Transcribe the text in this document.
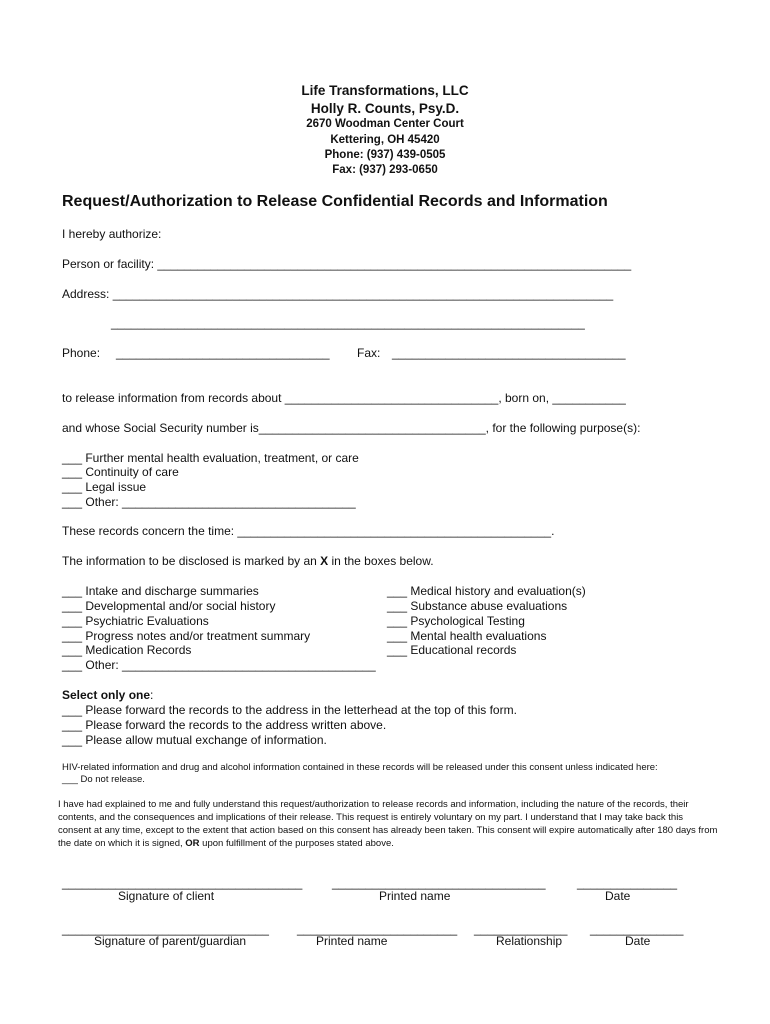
Life Transformations, LLC
Holly R. Counts, Psy.D.
2670 Woodman Center Court
Kettering, OH 45420
Phone: (937) 439-0505
Fax: (937) 293-0650
Request/Authorization to Release Confidential Records and Information
I hereby authorize:
Person or facility: _______________________________________________________________________
Address: ___________________________________________________________________________
_______________________________________________________________________
Phone: ________________________________ Fax: ___________________________________
to release information from records about ________________________________, born on, ___________
and whose Social Security number is__________________________________, for the following purpose(s):
___ Further mental health evaluation, treatment, or care
___ Continuity of care
___ Legal issue
___ Other: ___________________________________
These records concern the time: _______________________________________________.
The information to be disclosed is marked by an X in the boxes below.
___ Intake and discharge summaries
___ Developmental and/or social history
___ Psychiatric Evaluations
___ Progress notes and/or treatment summary
___ Medication Records
___ Other: ______________________________________
___ Medical history and evaluation(s)
___ Substance abuse evaluations
___ Psychological Testing
___ Mental health evaluations
___ Educational records
Select only one:
___ Please forward the records to the address in the letterhead at the top of this form.
___ Please forward the records to the address written above.
___ Please allow mutual exchange of information.
HIV-related information and drug and alcohol information contained in these records will be released under this consent unless indicated here:
___ Do not release.
I have had explained to me and fully understand this request/authorization to release records and information, including the nature of the records, their contents, and the consequences and implications of their release. This request is entirely voluntary on my part. I understand that I may take back this consent at any time, except to the extent that action based on this consent has already been taken. This consent will expire automatically after 180 days from the date on which it is signed, OR upon fulfillment of the purposes stated above.
____________________________________ ________________________________	_______________
Signature of client	Printed name	Date
_______________________________ ________________________ ______________ ______________
Signature of parent/guardian	Printed name	Relationship	Date
